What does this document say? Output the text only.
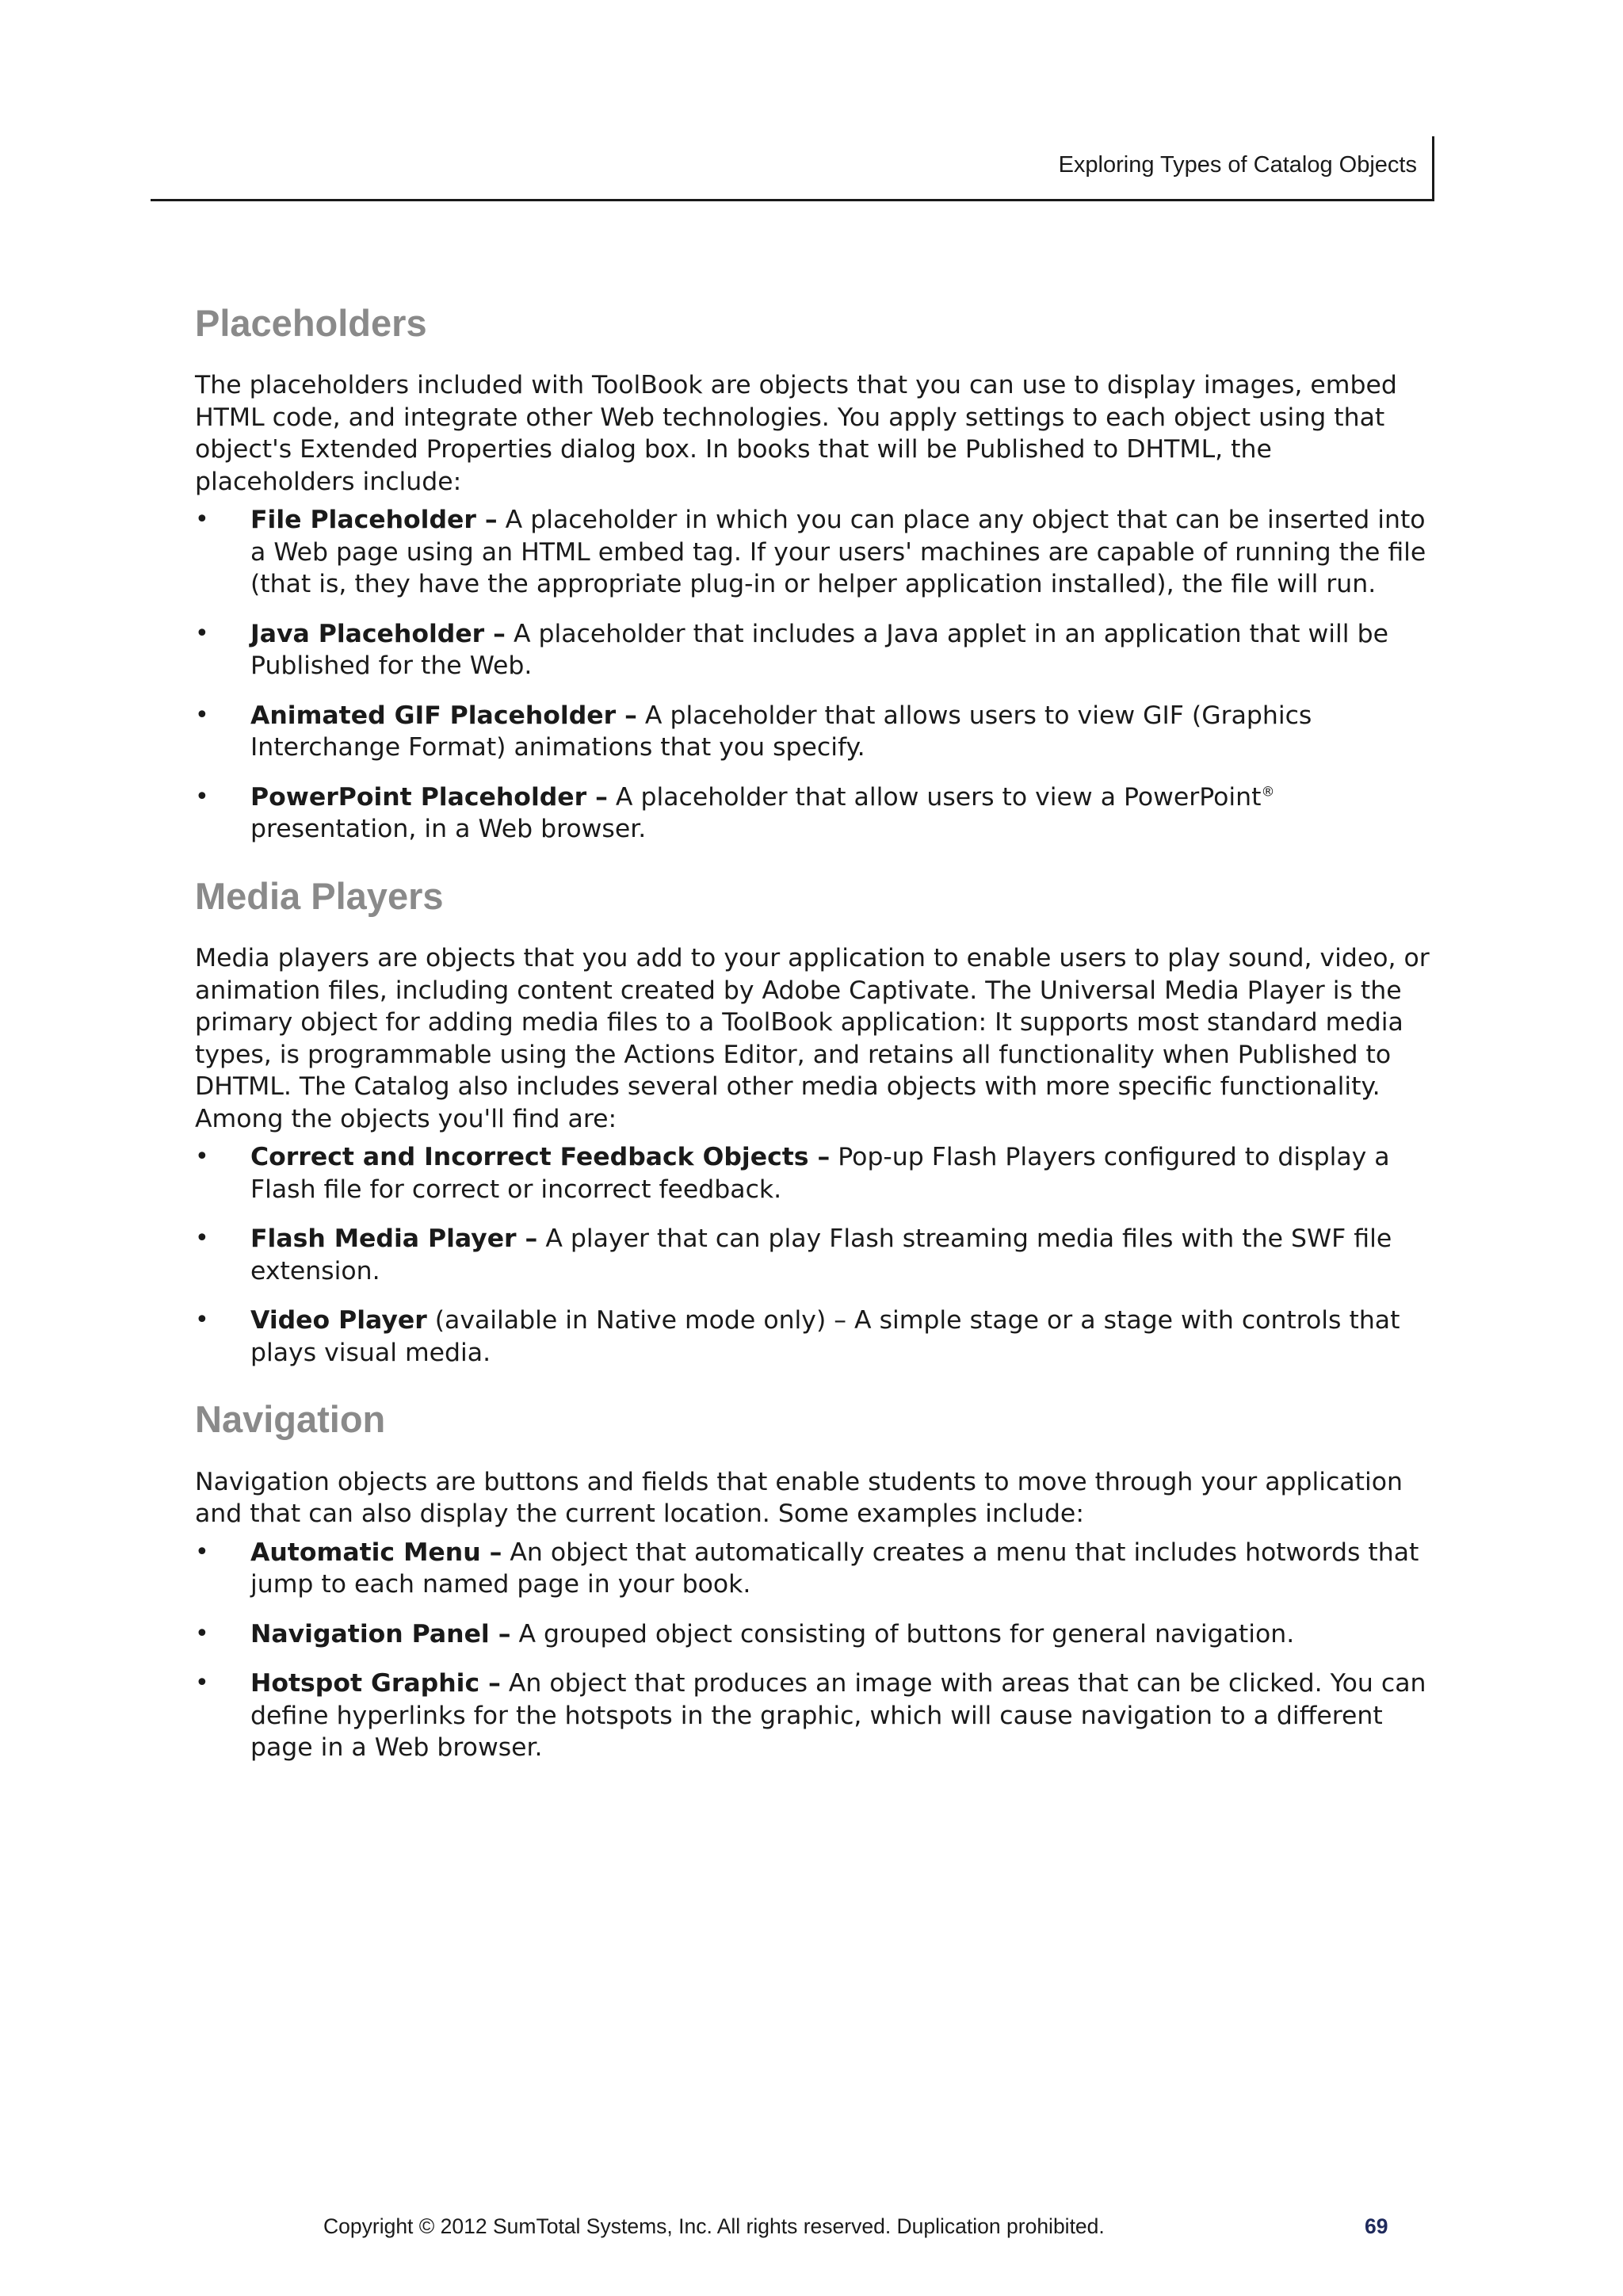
Exploring Types of Catalog Objects
Placeholders

The placeholders included with ToolBook are objects that you can use to display images, embed HTML code, and integrate other Web technologies. You apply settings to each object using that object's Extended Properties dialog box. In books that will be Published to DHTML, the placeholders include:

• File Placeholder – A placeholder in which you can place any object that can be inserted into a Web page using an HTML embed tag. If your users' machines are capable of running the file (that is, they have the appropriate plug-in or helper application installed), the file will run.
• Java Placeholder – A placeholder that includes a Java applet in an application that will be Published for the Web.
• Animated GIF Placeholder – A placeholder that allows users to view GIF (Graphics Interchange Format) animations that you specify.
• PowerPoint Placeholder – A placeholder that allow users to view a PowerPoint® presentation, in a Web browser.
Media Players

Media players are objects that you add to your application to enable users to play sound, video, or animation files, including content created by Adobe Captivate. The Universal Media Player is the primary object for adding media files to a ToolBook application: It supports most standard media types, is programmable using the Actions Editor, and retains all functionality when Published to DHTML. The Catalog also includes several other media objects with more specific functionality. Among the objects you'll find are:

• Correct and Incorrect Feedback Objects – Pop-up Flash Players configured to display a Flash file for correct or incorrect feedback.
• Flash Media Player – A player that can play Flash streaming media files with the SWF file extension.
• Video Player (available in Native mode only) – A simple stage or a stage with controls that plays visual media.
Navigation

Navigation objects are buttons and fields that enable students to move through your application and that can also display the current location. Some examples include:

• Automatic Menu – An object that automatically creates a menu that includes hotwords that jump to each named page in your book.
• Navigation Panel – A grouped object consisting of buttons for general navigation.
• Hotspot Graphic – An object that produces an image with areas that can be clicked. You can define hyperlinks for the hotspots in the graphic, which will cause navigation to a different page in a Web browser.
Copyright © 2012 SumTotal Systems, Inc. All rights reserved. Duplication prohibited.	69
